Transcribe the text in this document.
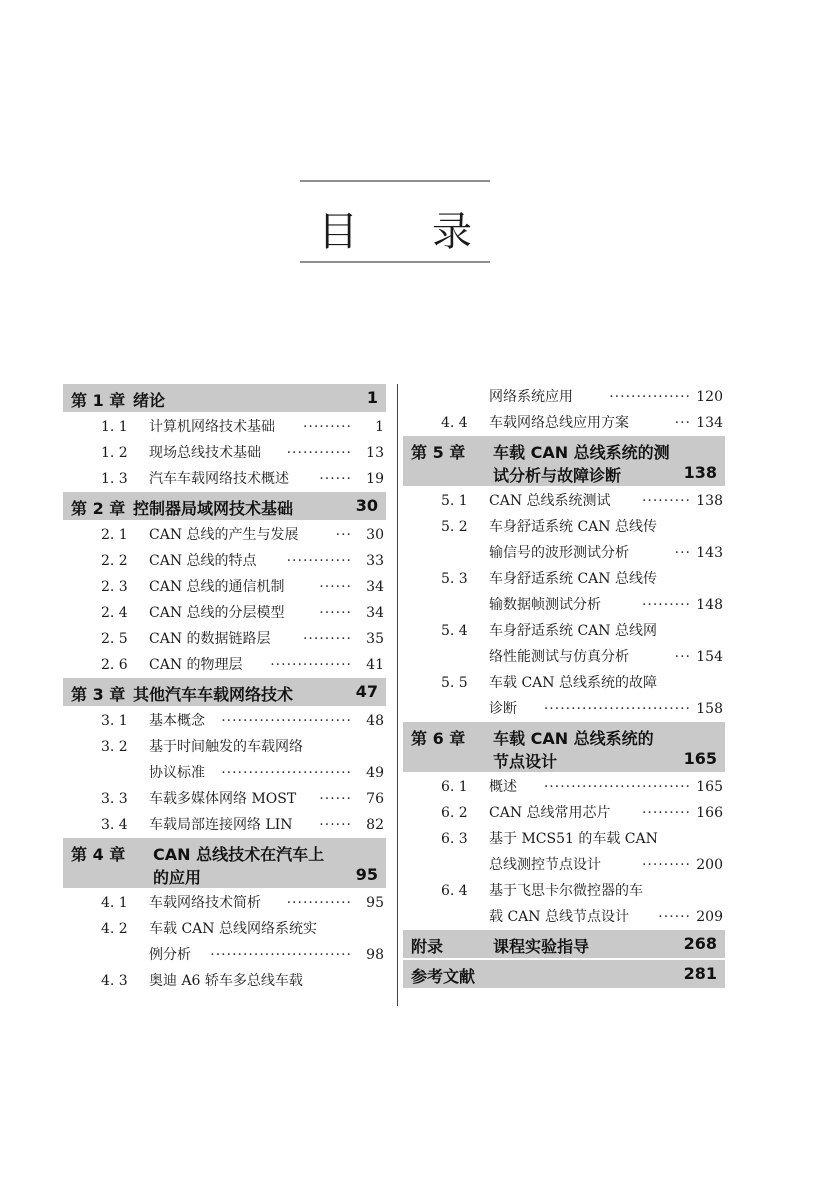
目 录
第 1 章 绪论	1
1. 1	计算机网络技术基础 ········· 1
1. 2	现场总线技术基础 ············ 13
1. 3	汽车车载网络技术概述 ······ 19
第 2 章 控制器局域网技术基础	30
2. 1	CAN 总线的产生与发展	··· 30
2. 2	CAN 总线的特点 ············ 33
2. 3	CAN 总线的通信机制 ······ 34
2. 4	CAN 总线的分层模型 ······ 34
2. 5	CAN 的数据链路层 ········· 35
2. 6	CAN 的物理层 ··············· 41
第 3 章 其他汽车车载网络技术	47
3. 1	基本概念 ························ 48
3. 2	基于时间触发的车载网络
协议标准 ························ 49
3. 3	车载多媒体网络 MOST ······ 76
3. 4	车载局部连接网络 LIN ······ 82
第 4 章 CAN 总线技术在汽车上
的应用	95
4. 1	车载网络技术简析 ············ 95
4. 2	车载 CAN 总线网络系统实
例分析 ·························· 98
4. 3	奥迪 A6 轿车多总线车载
网络系统应用	··············· 120
4. 4	车载网络总线应用方案	··· 134
第 5 章 车载 CAN 总线系统的测
试分析与故障诊断	138
5. 1	CAN 总线系统测试 ········· 138
5. 2	车身舒适系统 CAN 总线传
输信号的波形测试分析	··· 143
5. 3	车身舒适系统 CAN 总线传
输数据帧测试分析	········· 148
5. 4	车身舒适系统 CAN 总线网
络性能测试与仿真分析	··· 154
5. 5	车载 CAN 总线系统的故障
诊断 ··························· 158
第 6 章 车载 CAN 总线系统的
节点设计	165
6. 1	概述 ··························· 165
6. 2	CAN 总线常用芯片 ········· 166
6. 3	基于 MCS51 的车载 CAN
总线测控节点设计	········· 200
6. 4	基于飞思卡尔微控器的车
载 CAN 总线节点设计 ······ 209
附录	课程实验指导	268
参考文献	281
